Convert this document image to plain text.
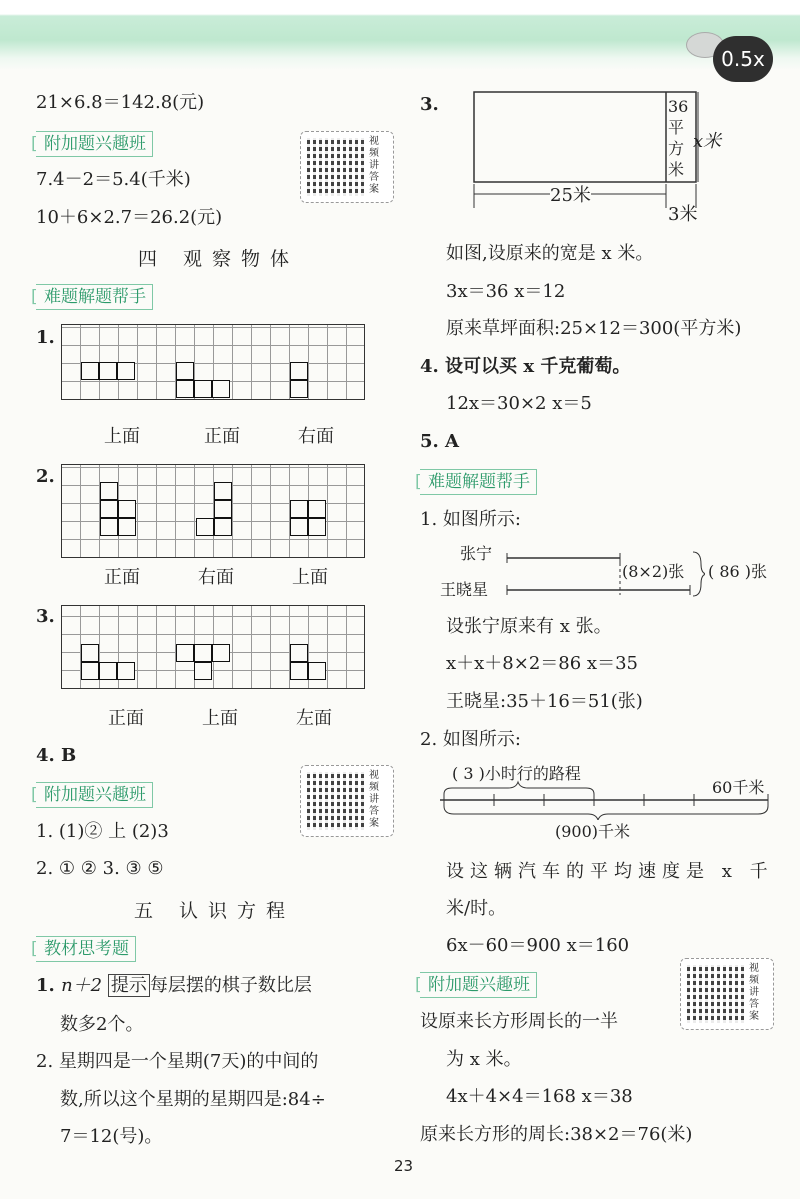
0.5x
21×6.8＝142.8(元)
[ 附加题兴趣班	视频讲答案
7.4－2＝5.4(千米)
10＋6×2.7＝26.2(元)
四 观察物体
[ 难题解题帮手
1.
上面	正面	右面
2.
正面	右面	上面
3.
正面	上面	左面
4. B
[ 附加题兴趣班
视频讲答案
1. (1)② 上 (2)3
2. ① ② 3. ③ ⑤
五 认识方程
[ 教材思考题
1. n＋2 提示 每层摆的棋子数比层
数多2个。
2. 星期四是一个星期(7天)的中间的
数,所以这个星期的星期四是:84÷
7＝12(号)。
3.	36平方米
x米
25米
3米
如图,设原来的宽是 x 米。
3x＝36 x＝12
原来草坪面积:25×12＝300(平方米)
4. 设可以买 x 千克葡萄。
12x＝30×2 x＝5
5. A
[ 难题解题帮手
1. 如图所示:
张宁
王晓星
(8×2)张 ( 86 )张
设张宁原来有 x 张。
x＋x＋8×2＝86 x＝35
王晓星:35＋16＝51(张)
2. 如图所示:
( 3 )小时行的路程
60千米
(900)千米
设这辆汽车的平均速度是 x 千
米/时。
6x－60＝900 x＝160
[ 附加题兴趣班
视频讲答案
设原来长方形周长的一半
为 x 米。
4x＋4×4＝168 x＝38
原来长方形的周长:38×2＝76(米)
23
